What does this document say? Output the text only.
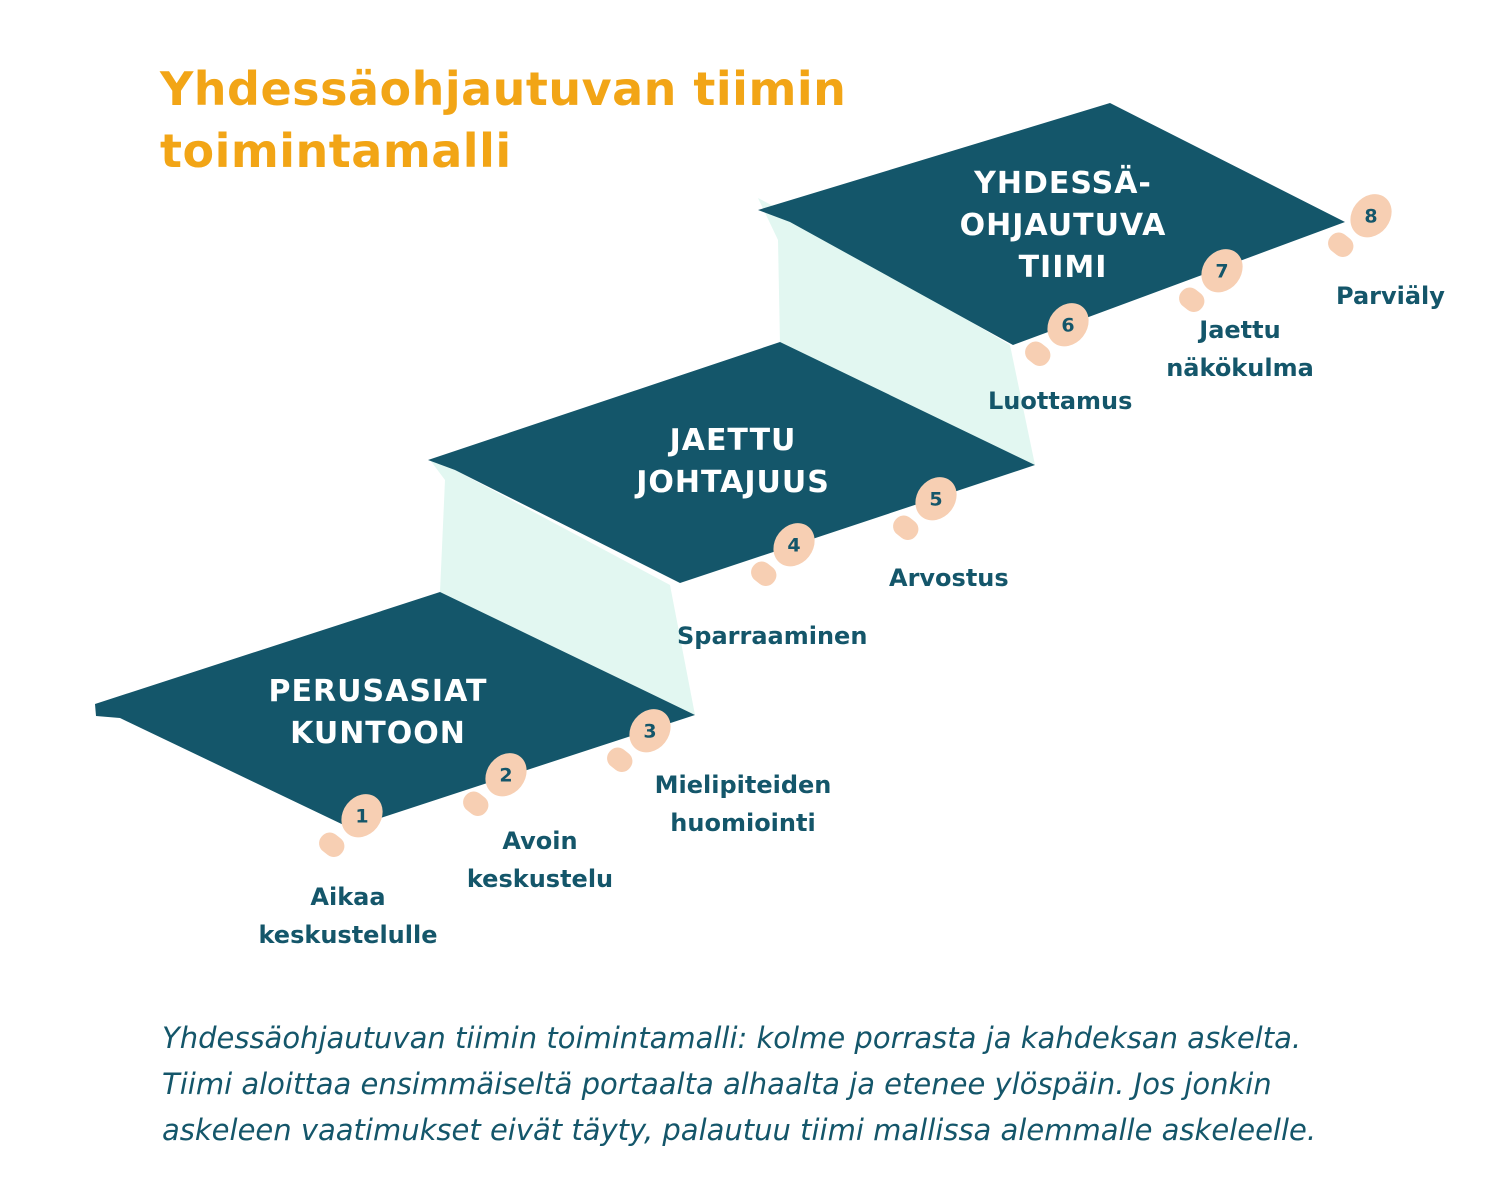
Yhdessäohjautuvan tiimin
toimintamalli
1
2
3
4
5
6
7
8
PERUSASIAT
KUNTOON
JAETTU
JOHTAJUUS
YHDESSÄ-
OHJAUTUVA
TIIMI
Aikaa
keskustelulle
Avoin
keskustelu
Mielipiteiden
huomiointi
Sparraaminen
Arvostus
Luottamus
Jaettu
näkökulma
Parviäly
Yhdessäohjautuvan tiimin toimintamalli: kolme porrasta ja kahdeksan askelta.
Tiimi aloittaa ensimmäiseltä portaalta alhaalta ja etenee ylöspäin. Jos jonkin
askeleen vaatimukset eivät täyty, palautuu tiimi mallissa alemmalle askeleelle.
